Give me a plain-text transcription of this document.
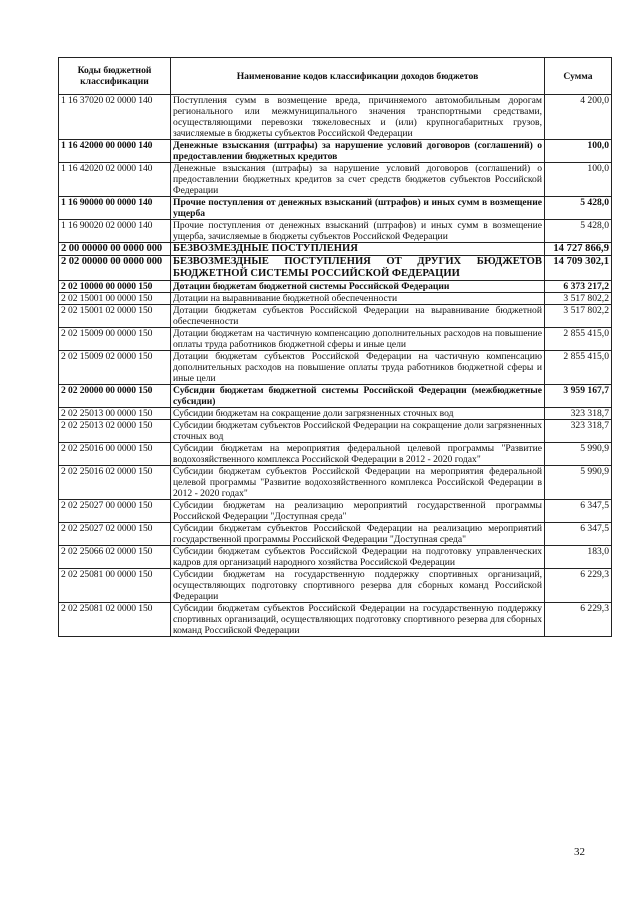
Коды бюджетной классификации	Наименование кодов классификации доходов бюджетов	Сумма
1 16 37020 02 0000 140	Поступления сумм в возмещение вреда, причиняемого автомобильным дорогам регионального или межмуниципального значения транспортными средствами, осуществляющими перевозки тяжеловесных и (или) крупногабаритных грузов, зачисляемые в бюджеты субъектов Российской Федерации	4 200,0
1 16 42000 00 0000 140	Денежные взыскания (штрафы) за нарушение условий договоров (соглашений) о предоставлении бюджетных кредитов	100,0
1 16 42020 02 0000 140	Денежные взыскания (штрафы) за нарушение условий договоров (соглашений) о предоставлении бюджетных кредитов за счет средств бюджетов субъектов Российской Федерации	100,0
1 16 90000 00 0000 140	Прочие поступления от денежных взысканий (штрафов) и иных сумм в возмещение ущерба	5 428,0
1 16 90020 02 0000 140	Прочие поступления от денежных взысканий (штрафов) и иных сумм в возмещение ущерба, зачисляемые в бюджеты субъектов Российской Федерации	5 428,0
2 00 00000 00 0000 000	БЕЗВОЗМЕЗДНЫЕ ПОСТУПЛЕНИЯ	14 727 866,9
2 02 00000 00 0000 000	БЕЗВОЗМЕЗДНЫЕ ПОСТУПЛЕНИЯ ОТ ДРУГИХ БЮДЖЕТОВ БЮДЖЕТНОЙ СИСТЕМЫ РОССИЙСКОЙ ФЕДЕРАЦИИ	14 709 302,1
2 02 10000 00 0000 150	Дотации бюджетам бюджетной системы Российской Федерации	6 373 217,2
2 02 15001 00 0000 150	Дотации на выравнивание бюджетной обеспеченности	3 517 802,2
2 02 15001 02 0000 150	Дотации бюджетам субъектов Российской Федерации на выравнивание бюджетной обеспеченности	3 517 802,2
2 02 15009 00 0000 150	Дотации бюджетам на частичную компенсацию дополнительных расходов на повышение оплаты труда работников бюджетной сферы и иные цели	2 855 415,0
2 02 15009 02 0000 150	Дотации бюджетам субъектов Российской Федерации на частичную компенсацию дополнительных расходов на повышение оплаты труда работников бюджетной сферы и иные цели	2 855 415,0
2 02 20000 00 0000 150	Субсидии бюджетам бюджетной системы Российской Федерации (межбюджетные субсидии)	3 959 167,7
2 02 25013 00 0000 150	Субсидии бюджетам на сокращение доли загрязненных сточных вод	323 318,7
2 02 25013 02 0000 150	Субсидии бюджетам субъектов Российской Федерации на сокращение доли загрязненных сточных вод	323 318,7
2 02 25016 00 0000 150	Субсидии бюджетам на мероприятия федеральной целевой программы "Развитие водохозяйственного комплекса Российской Федерации в 2012 - 2020 годах"	5 990,9
2 02 25016 02 0000 150	Субсидии бюджетам субъектов Российской Федерации на мероприятия федеральной целевой программы "Развитие водохозяйственного комплекса Российской Федерации в 2012 - 2020 годах"	5 990,9
2 02 25027 00 0000 150	Субсидии бюджетам на реализацию мероприятий государственной программы Российской Федерации "Доступная среда"	6 347,5
2 02 25027 02 0000 150	Субсидии бюджетам субъектов Российской Федерации на реализацию мероприятий государственной программы Российской Федерации "Доступная среда"	6 347,5
2 02 25066 02 0000 150	Субсидии бюджетам субъектов Российской Федерации на подготовку управленческих кадров для организаций народного хозяйства Российской Федерации	183,0
2 02 25081 00 0000 150	Субсидии бюджетам на государственную поддержку спортивных организаций, осуществляющих подготовку спортивного резерва для сборных команд Российской Федерации	6 229,3
2 02 25081 02 0000 150	Субсидии бюджетам субъектов Российской Федерации на государственную поддержку спортивных организаций, осуществляющих подготовку спортивного резерва для сборных команд Российской Федерации	6 229,3
32
